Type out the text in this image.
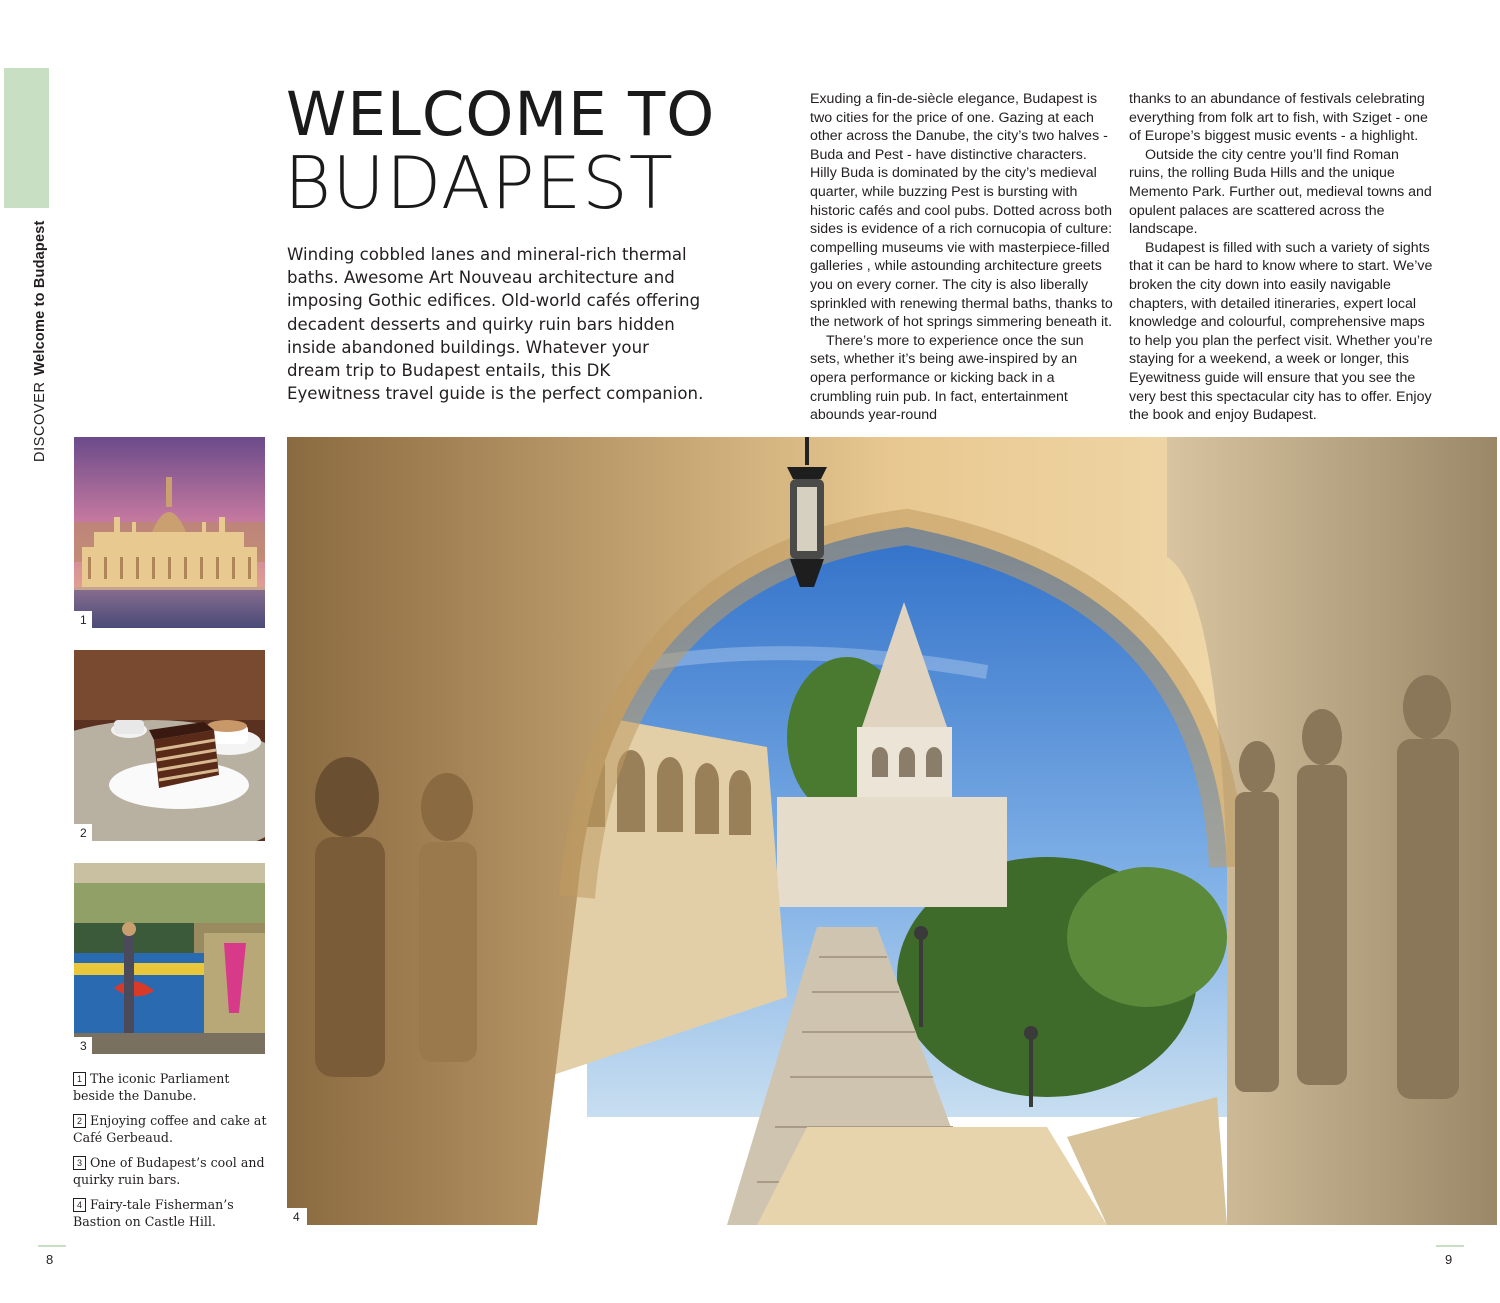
DISCOVERWelcome to Budapest
WELCOME TO
BUDAPEST
Winding cobbled lanes and mineral-rich thermal baths. Awesome Art Nouveau architecture and imposing Gothic edifices. Old-world cafés offering decadent desserts and quirky ruin bars hidden inside abandoned buildings. Whatever your dream trip to Budapest entails, this DK Eyewitness travel guide is the perfect companion.

Exuding a fin-de-siècle elegance, Budapest is two cities for the price of one. Gazing at each other across the Danube, the city’s two halves - Buda and Pest - have distinctive characters. Hilly Buda is dominated by the city’s medieval quarter, while buzzing Pest is bursting with historic cafés and cool pubs. Dotted across both sides is evidence of a rich cornucopia of culture: compelling museums vie with masterpiece-filled galleries , while astounding architecture greets you on every corner. The city is also liberally sprinkled with renewing thermal baths, thanks to the network of hot springs simmering beneath it.

There’s more to experience once the sun sets, whether it’s being awe-inspired by an opera performance or kicking back in a crumbling ruin pub. In fact, entertainment abounds year-round

thanks to an abundance of festivals celebrating everything from folk art to fish, with Sziget - one of Europe’s biggest music events - a highlight.

Outside the city centre you’ll find Roman ruins, the rolling Buda Hills and the unique Memento Park. Further out, medieval towns and opulent palaces are scattered across the landscape.

Budapest is filled with such a variety of sights that it can be hard to know where to start. We’ve broken the city down into easily navigable chapters, with detailed itineraries, expert local knowledge and colourful, comprehensive maps to help you plan the perfect visit. Whether you’re staying for a weekend, a week or longer, this Eyewitness guide will ensure that you see the very best this spectacular city has to offer. Enjoy the book and enjoy Budapest.

1
2
3
4

1 The iconic Parliament beside the Danube.

2 Enjoying coffee and cake at Café Gerbeaud.

3 One of Budapest’s cool and quirky ruin bars.

4 Fairy-tale Fisherman’s Bastion on Castle Hill.

8	9
